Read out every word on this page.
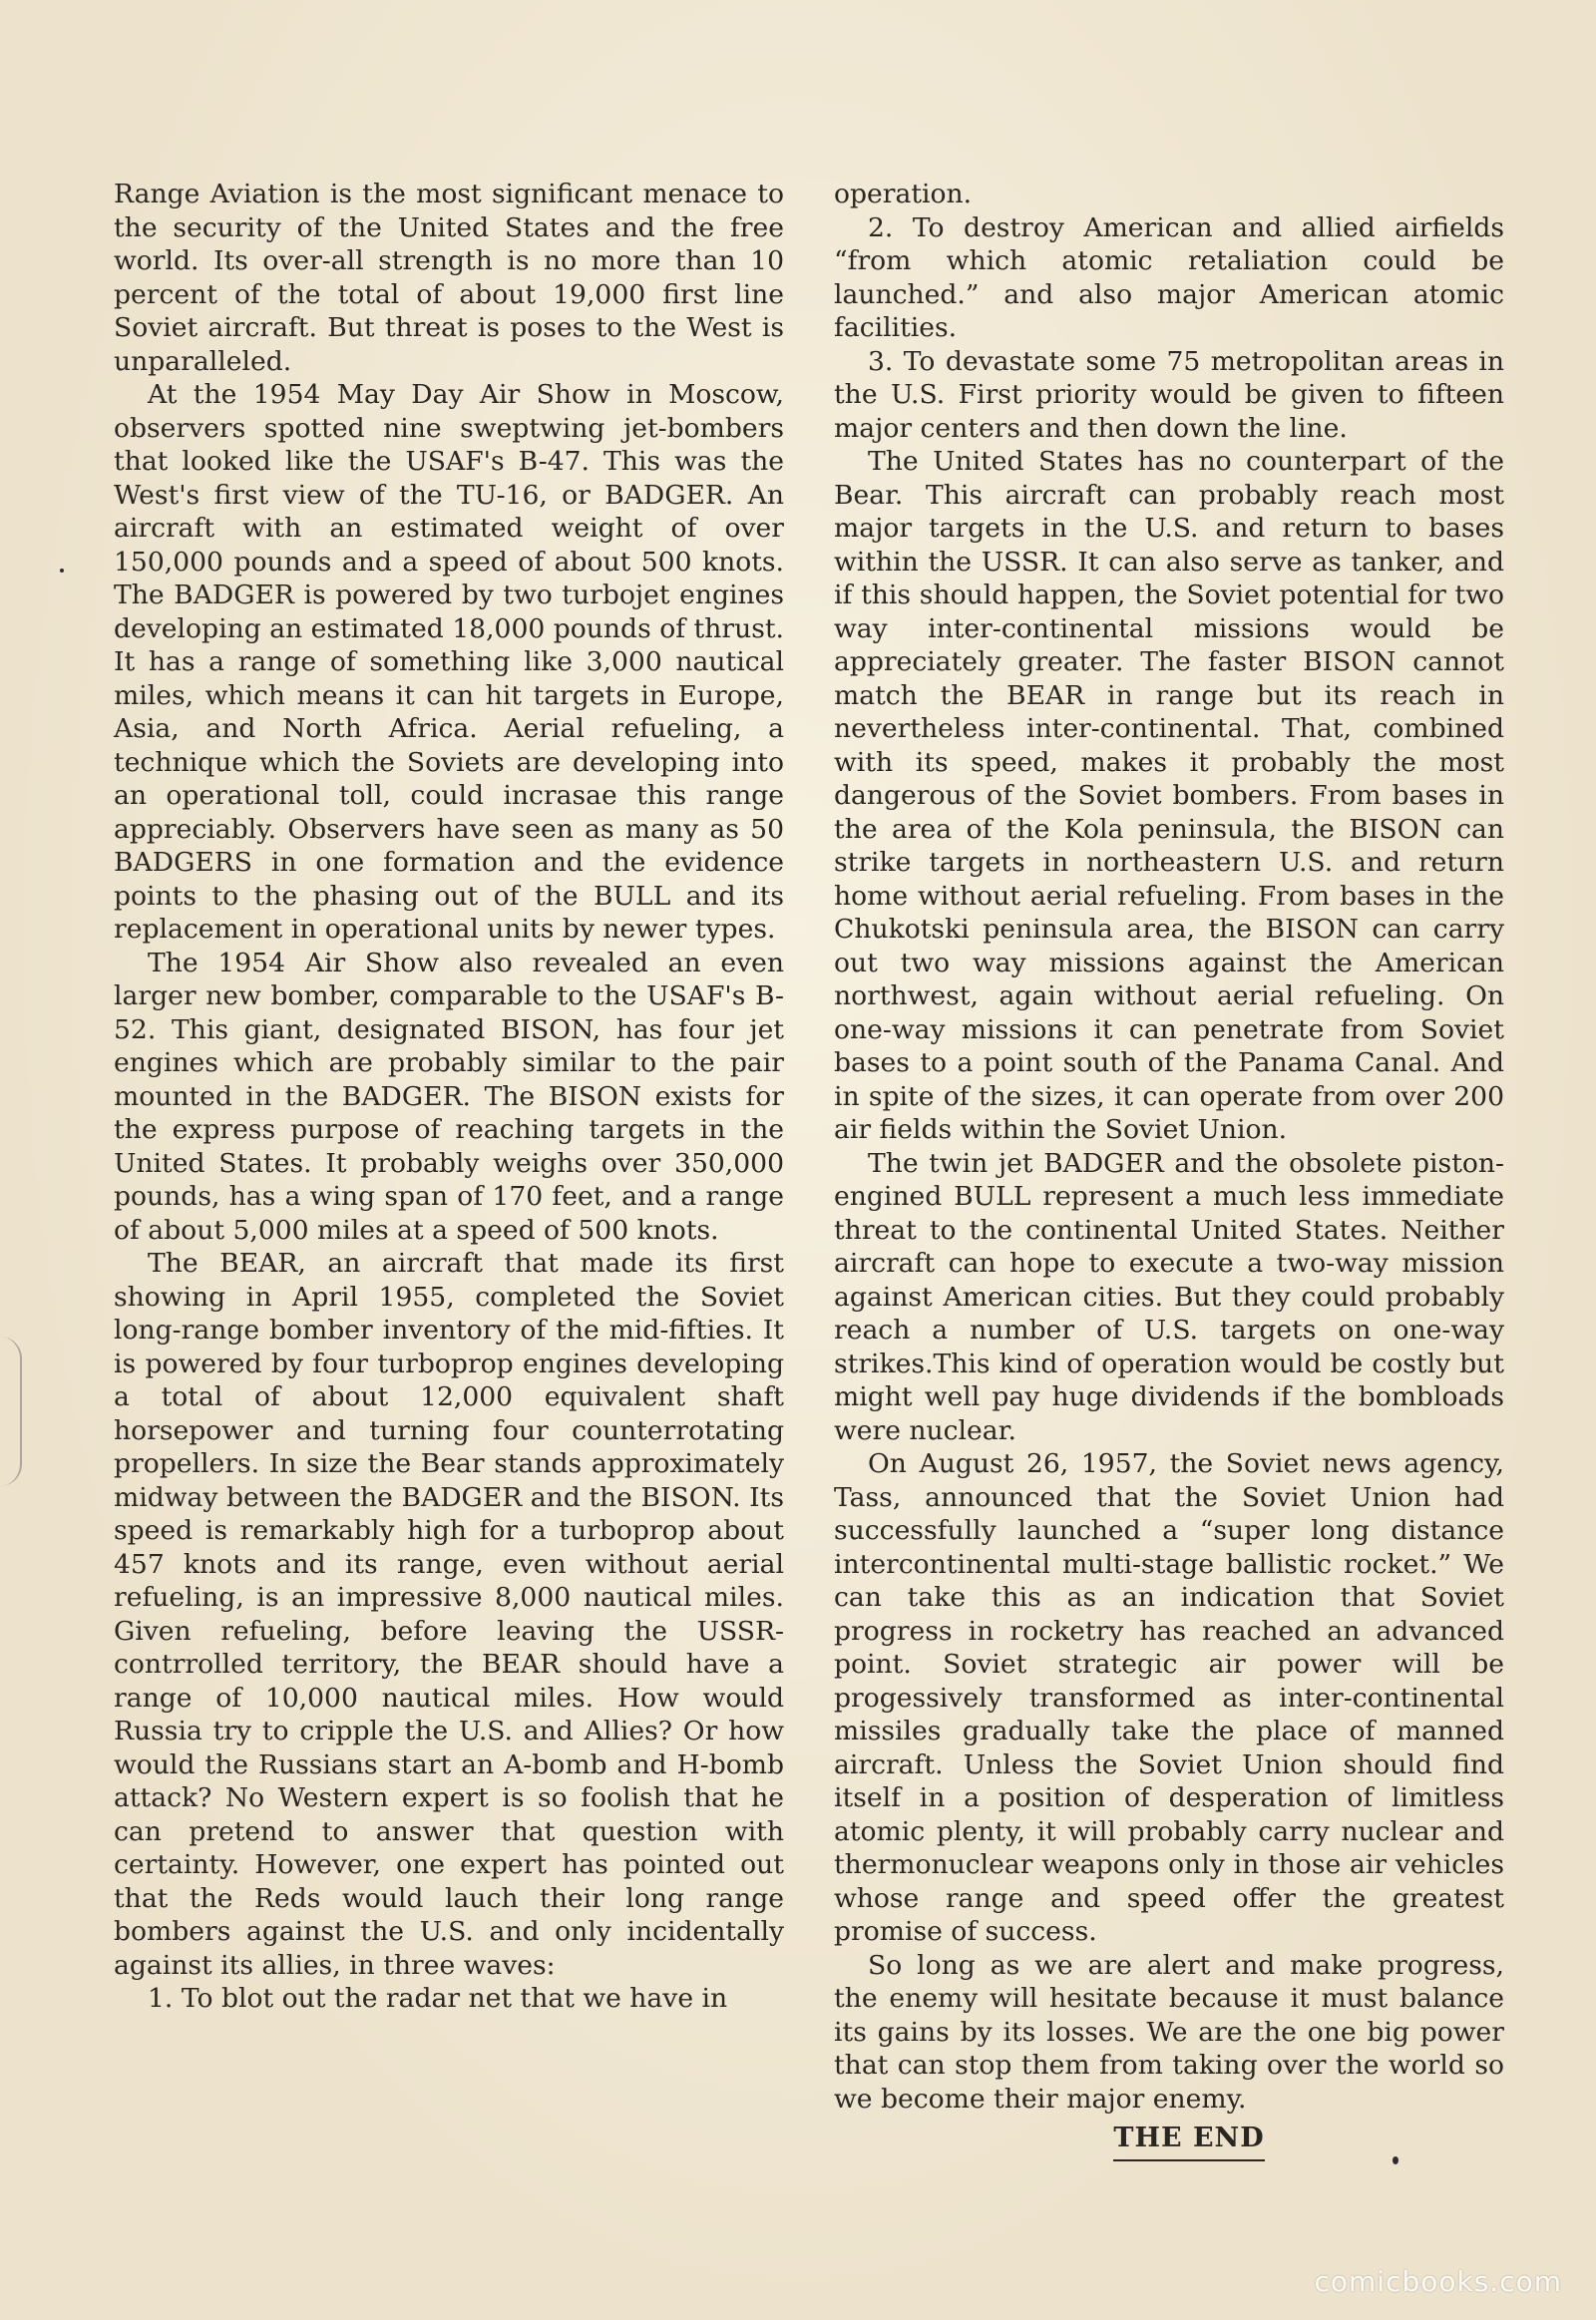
Range Aviation is the most significant menace to the security of the United States and the free world. Its over-all strength is no more than 10 percent of the total of about 19,000 first line Soviet aircraft. But threat is poses to the West is unparalleled.

At the 1954 May Day Air Show in Moscow, observers spotted nine sweptwing jet-bombers that looked like the USAF's B-47. This was the West's first view of the TU-16, or BADGER. An aircraft with an estimated weight of over 150,000 pounds and a speed of about 500 knots. The BADGER is powered by two turbojet engines developing an estimated 18,000 pounds of thrust. It has a range of something like 3,000 nautical miles, which means it can hit targets in Europe, Asia, and North Africa. Aerial refueling, a technique which the Soviets are developing into an operational toll, could incrasae this range appreciably. Observers have seen as many as 50 BADGERS in one formation and the evidence points to the phasing out of the BULL and its replacement in operational units by newer types.

The 1954 Air Show also revealed an even larger new bomber, comparable to the USAF's B-52. This giant, designated BISON, has four jet engines which are probably similar to the pair mounted in the BADGER. The BISON exists for the express purpose of reaching targets in the United States. It probably weighs over 350,000 pounds, has a wing span of 170 feet, and a range of about 5,000 miles at a speed of 500 knots.

The BEAR, an aircraft that made its first showing in April 1955, completed the Soviet long-range bomber inventory of the mid-fifties. It is powered by four turboprop engines developing a total of about 12,000 equivalent shaft horsepower and turning four counterrotating propellers. In size the Bear stands approximately midway between the BADGER and the BISON. Its speed is remarkably high for a turboprop about 457 knots and its range, even without aerial refueling, is an impressive 8,000 nautical miles. Given refueling, before leaving the USSR-contrrolled territory, the BEAR should have a range of 10,000 nautical miles. How would Russia try to cripple the U.S. and Allies? Or how would the Russians start an A-bomb and H-bomb attack? No Western expert is so foolish that he can pretend to answer that question with certainty. However, one expert has pointed out that the Reds would lauch their long range bombers against the U.S. and only incidentally against its allies, in three waves:

1. To blot out the radar net that we have in

operation.

2. To destroy American and allied airfields “from which atomic retaliation could be launched.” and also major American atomic facilities.

3. To devastate some 75 metropolitan areas in the U.S. First priority would be given to fifteen major centers and then down the line.

The United States has no counterpart of the Bear. This aircraft can probably reach most major targets in the U.S. and return to bases within the USSR. It can also serve as tanker, and if this should happen, the Soviet potential for two way inter-continental missions would be appreciately greater. The faster BISON cannot match the BEAR in range but its reach in nevertheless inter-continental. That, combined with its speed, makes it probably the most dangerous of the Soviet bombers. From bases in the area of the Kola peninsula, the BISON can strike targets in northeastern U.S. and return home without aerial refueling. From bases in the Chukotski peninsula area, the BISON can carry out two way missions against the American northwest, again without aerial refueling. On one-way missions it can penetrate from Soviet bases to a point south of the Panama Canal. And in spite of the sizes, it can operate from over 200 air fields within the Soviet Union.

The twin jet BADGER and the obsolete piston-engined BULL represent a much less immediate threat to the continental United States. Neither aircraft can hope to execute a two-way mission against American cities. But they could probably reach a number of U.S. targets on one-way strikes.This kind of operation would be costly but might well pay huge dividends if the bombloads were nuclear.

On August 26, 1957, the Soviet news agency, Tass, announced that the Soviet Union had successfully launched a “super long distance intercontinental multi-stage ballistic rocket.” We can take this as an indication that Soviet progress in rocketry has reached an advanced point. Soviet strategic air power will be progessively transformed as inter-continental missiles gradually take the place of manned aircraft. Unless the Soviet Union should find itself in a position of desperation of limitless atomic plenty, it will probably carry nuclear and thermonuclear weapons only in those air vehicles whose range and speed offer the greatest promise of success.

So long as we are alert and make progress, the enemy will hesitate because it must balance its gains by its losses. We are the one big power that can stop them from taking over the world so we become their major enemy.

THE END
comicbooks.com
